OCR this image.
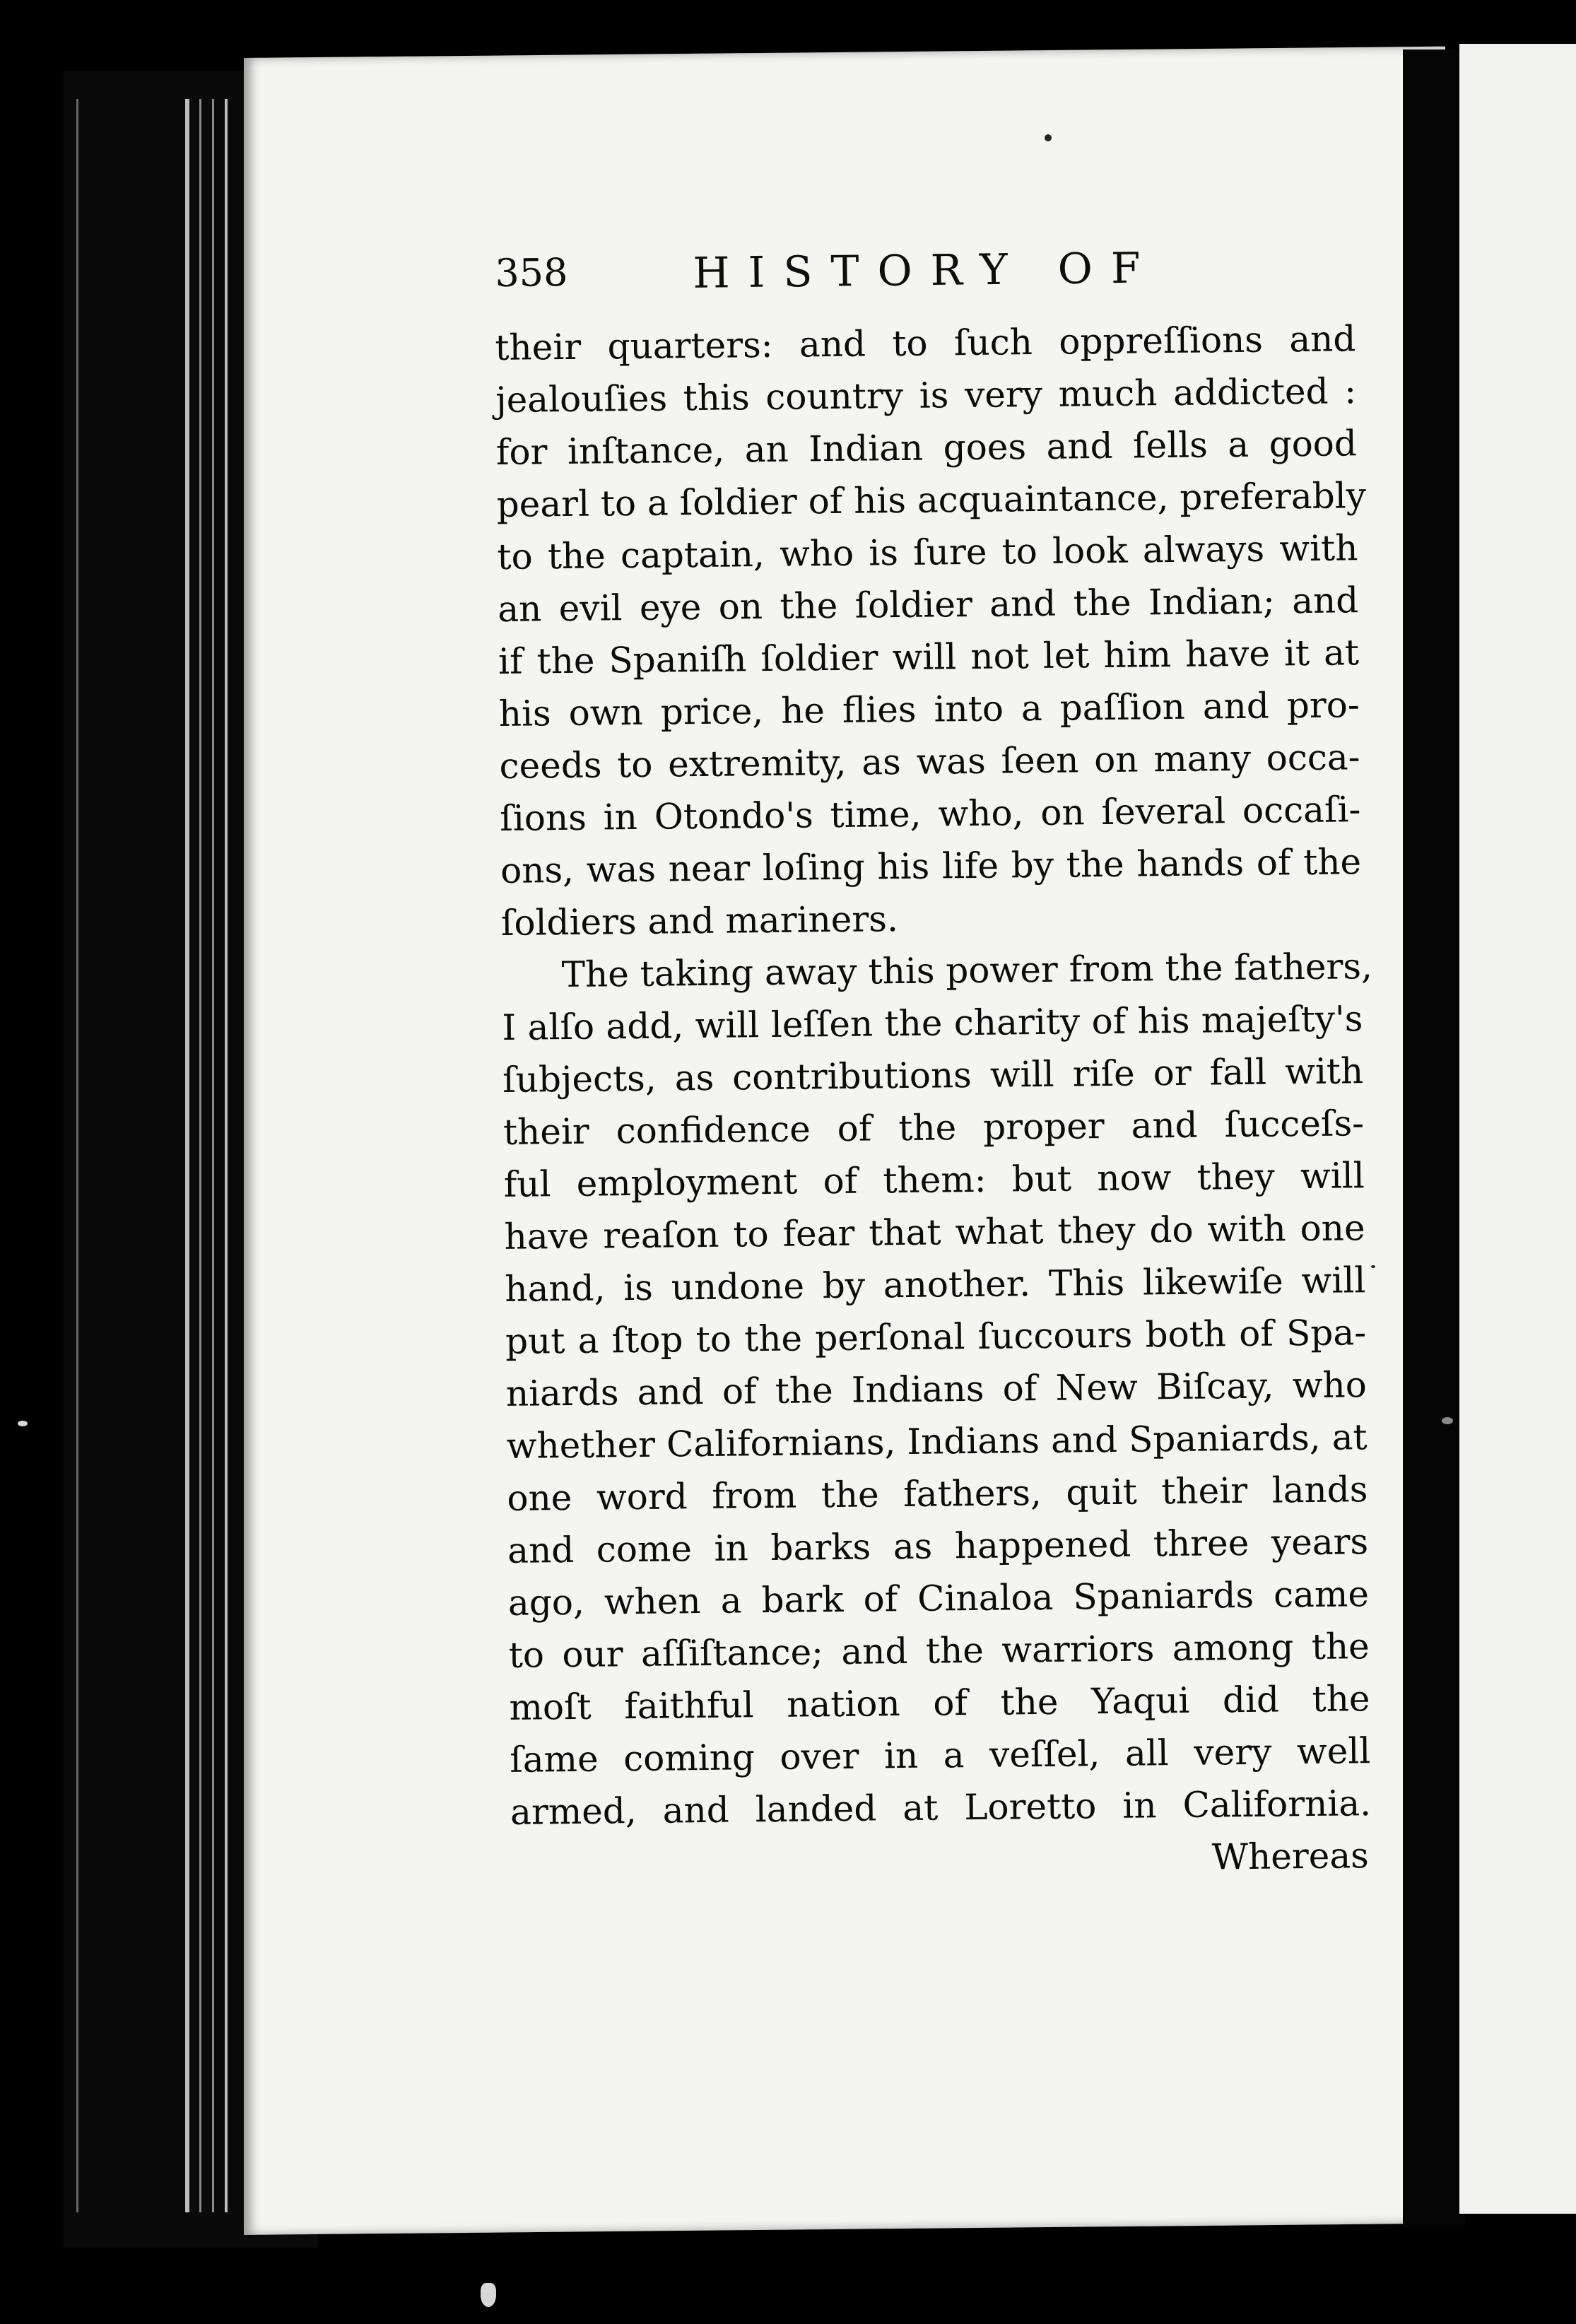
W
bo
co
lo
th
ne
If
ca
no
re
ra
Sc
of
th
af
fa
th
ch
ex
er
hi
cl
ar
th
to
th
h
b
358	HISTORY OF
their quarters: and to ſuch oppreſſions and
jealouſies this country is very much addicted :
for inſtance, an Indian goes and ſells a good
pearl to a ſoldier of his acquaintance, preferably
to the captain, who is ſure to look always with
an evil eye on the ſoldier and the Indian; and
if the Spaniſh ſoldier will not let him have it at
his own price, he flies into a paſſion and pro-
ceeds to extremity, as was ſeen on many occa-
ſions in Otondo's time, who, on ſeveral occaſi-
ons, was near loſing his life by the hands of the
ſoldiers and mariners.
The taking away this power from the fathers,
I alſo add, will leſſen the charity of his majeſty's
ſubjects, as contributions will riſe or fall with
their confidence of the proper and ſucceſs-
ful employment of them: but now they will
have reaſon to fear that what they do with one
hand, is undone by another. This likewiſe will
put a ſtop to the perſonal ſuccours both of Spa-
niards and of the Indians of New Biſcay, who
whether Californians, Indians and Spaniards, at
one word from the fathers, quit their lands
and come in barks as happened three years
ago, when a bark of Cinaloa Spaniards came
to our aſſiſtance; and the warriors among the
moſt faithful nation of the Yaqui did the
ſame coming over in a veſſel, all very well
armed, and landed at Loretto in California.
Whereas
